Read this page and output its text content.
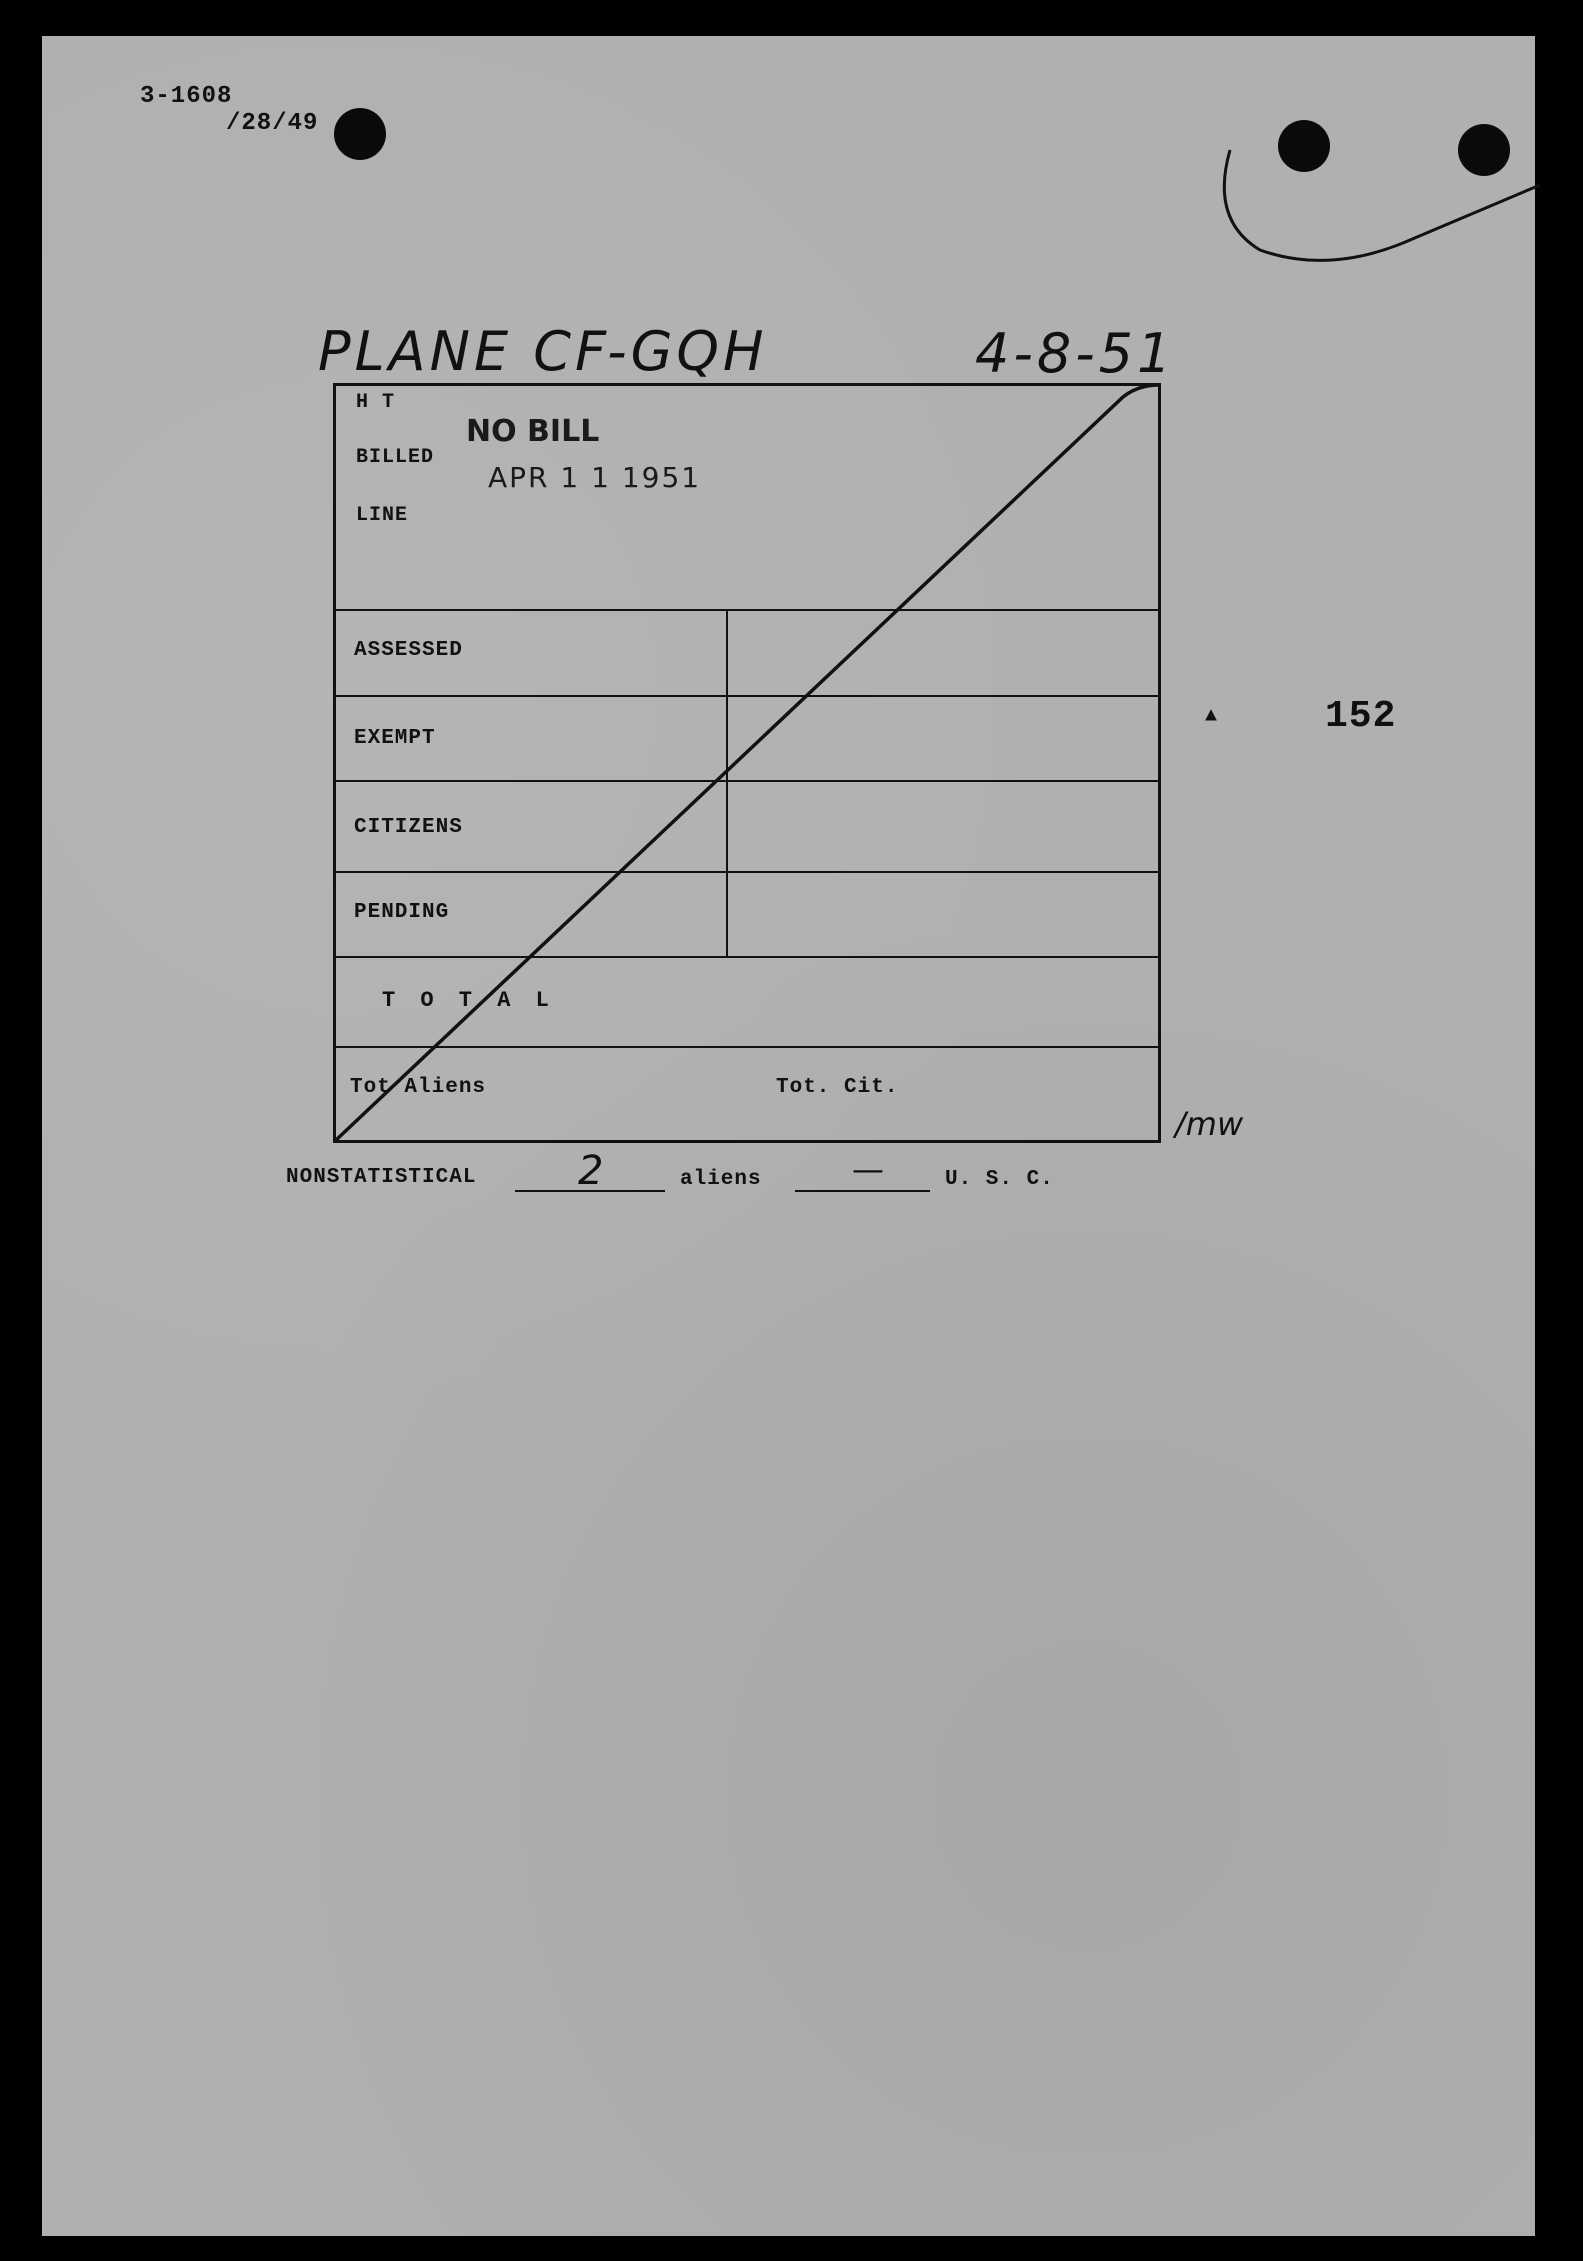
3-1608
/28/49
PLANE CF-GQH	4-8-51
H T
BILLED
LINE
NO BILL
APR 1 1 1951
ASSESSED
EXEMPT
CITIZENS
PENDING
T O T A L
Tot Aliens	Tot. Cit.
/mw
▲	152
NONSTATISTICAL	2	aliens	—	U. S. C.
